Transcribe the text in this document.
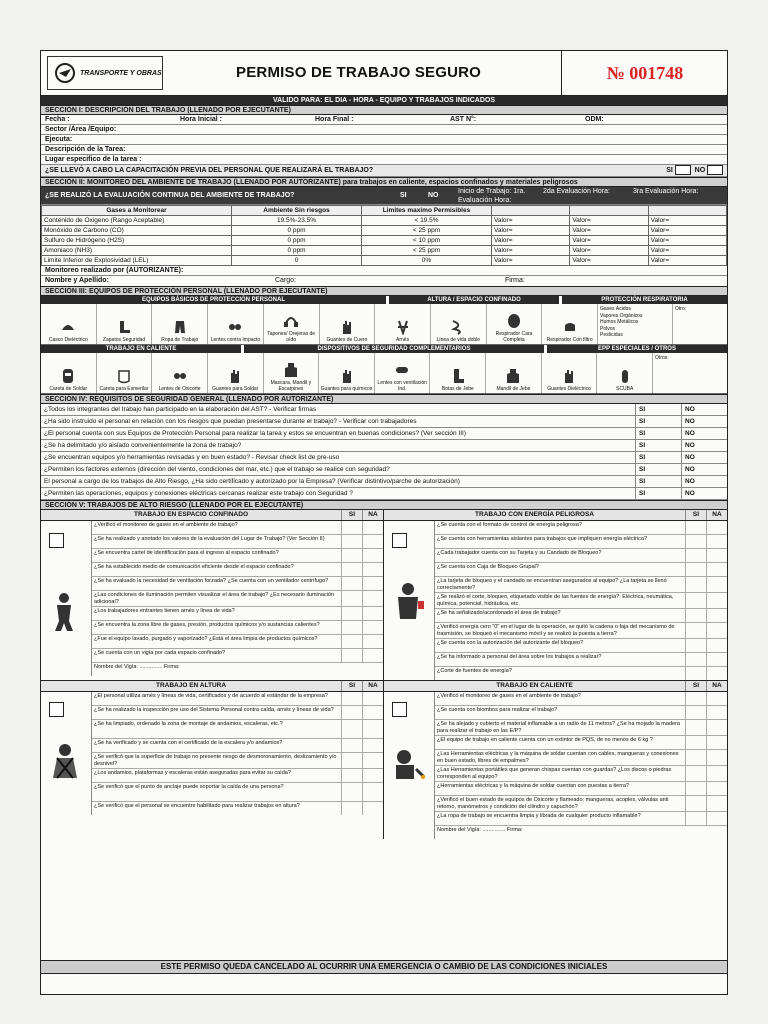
TRANSPORTE Y OBRAS	PERMISO DE TRABAJO SEGURO	№ 001748
VALIDO PARA: EL DIA - HORA - EQUIPO Y TRABAJOS INDICADOS
SECCIÓN I: DESCRIPCIÓN DEL TRABAJO (LLENADO POR EJECUTANTE)
Fecha :	Hora Inicial :	Hora Final :	AST N°:	ODM:
Sector /Área /Equipo:
Ejecuta:
Descripción de la Tarea:
Lugar especifico de la tarea :
¿SE LLEVÓ A CABO LA CAPACITACIÓN PREVIA DEL PERSONAL QUE REALIZARÁ EL TRABAJO?	SI

	NO

SECCIÓN II: MONITOREO DEL AMBIENTE DE TRABAJO (LLENADO POR AUTORIZANTE) para trabajos en caliente, espacios confinados y materiales peligrosos
¿SE REALIZÓ LA EVALUACIÓN CONTINUA DEL AMBIENTE DE TRABAJO?	SI	NO
Inicio de Trabajo: 1ra. Evaluación Hora:
2da Evaluación Hora:	3ra Evaluación Hora:
Gases a Monitorear	Ambiente Sin riesgos	Limites maximo Permisibles			
Contenido de Oxigeno (Rango Aceptable)	19.5%-23.5%	< 19.5%	Valor=	Valor=	Valor=
Monóxido de Carbono (CO)	0 ppm	< 25 ppm	Valor=	Valor=	Valor=
Sulfuro de Hidrógeno (H2S)	0 ppm	< 10 ppm	Valor=	Valor=	Valor=
Amoniaco (NH3)	0 ppm	< 25 ppm	Valor=	Valor=	Valor=
Limite Inferior de Explosividad (LEL)	0	0%	Valor=	Valor=	Valor=
Monitoreo realizado por (AUTORIZANTE):
Nombre y Apellido:	Cargo:	Firma:
SECCIÓN III: EQUIPOS DE PROTECCIÓN PERSONAL (LLENADO POR EJECUTANTE)
EQUIPOS BÁSICOS DE PROTECCIÓN PERSONAL	ALTURA / ESPACIO CONFINADO	PROTECCIÓN RESPIRATORIA
Casco Dieléctrico	Zapatos Seguridad	Ropa de Trabajo Lentes contra Impacto
Tapones/ Orejeras de oído	Guantes de Cuero	Arnés	Línea de vida doble
Respirador Cara Completa	Respirador Con filtro
Gases Ácidos
Vapores Orgánicos
Humos Metálicos
Polvos
Pesticidas
Otro:
TRABAJO EN CALIENTE	DISPOSITIVOS DE SEGURIDAD COMPLEMENTARIOS	EPP ESPECIALES / OTROS
Careta de Soldar Careta para Esmerilar Lentes de Oxicorte Guantes para Soldar
Mascara, Mandil y Escarpines	Guantes para químicos
Lentes con ventilación Ind.	Botas de Jebe	Mandil de Jebe	Guantes Dieléctrico	SCUBA
Otros:
SECCIÓN IV: REQUISITOS DE SEGURIDAD GENERAL (LLENADO POR AUTORIZANTE)
¿Todos los integrantes del trabajo han participado en la elaboración del AST? - Verificar firmas	SI	NO
¿Ha sido instruido el personal en relación con los riesgos que puedan presentarse durante el trabajo? - Verificar con trabajadores	SI	NO
¿El personal cuenta con sus Equipos de Protección Personal para realizar la tarea y estos se encuentran en buenas condiciones? (Ver sección III)	SI	NO
¿Se ha delimitado y/o aislado convenientemente la zona de trabajo?	SI	NO
¿Se encuentran equipos y/o herramientas revisadas y en buen estado? - Revisar check list de pre-uso	SI	NO
¿Permiten los factores externos (dirección del viento, condiciones del mar, etc.) que el trabajo se realice con seguridad?	SI	NO
El personal a cargo de los trabajos de Alto Riesgo, ¿Ha sido certificado y autorizado por la Empresa? (Verificar distintivo/parche de autorización)	SI	NO
¿Permiten las operaciones, equipos y conexiones eléctricas cercanas realizar este trabajo con Seguridad ?	SI	NO
SECCIÓN V: TRABAJOS DE ALTO RIESGO (LLENADO POR EL EJECUTANTE)
TRABAJO EN ESPACIO CONFINADO	SI	NA
¿Verificó el monitoreo de gases en el ambiente de trabajo?
¿Se ha realizado y anotado los valores de la evaluación del Lugar de Trabajo? (Ver Sección II)
¿Se encuentra cartel de identificación para el ingreso al espacio confinado?
¿Se ha establecido medio de comunicación eficiente desde el espacio confinado?
¿Se ha evaluado la necesidad de ventilación forzada? ¿Se cuenta con un ventilador centrífugo?
¿Las condiciones de iluminación permiten visualizar el área de trabajo? ¿Es necesario iluminación adicional?
¿Los trabajadores entrantes tienen arnés y línea de vida?
¿Se encuentra la zona libre de gases, presión, productos químicos y/o sustancias calientes?
¿Fue el equipo lavado, purgado y vaporizado? ¿Está el área limpia de productos químicos?
¿Se cuenta con un vigía por cada espacio confinado?
Nombre del Vigía: ............... Firma:
TRABAJO CON ENERGÍA PELIGROSA	SI	NA
¿Se cuenta con el formato de control de energía peligrosa?
¿Se cuenta con herramientas aislantes para trabajos que impliquen energía eléctrica?
¿Cada trabajador cuenta con su Tarjeta y su Candado de Bloqueo?
¿Se cuenta con Caja de Bloqueo Grupal?
¿La tarjeta de bloqueo y el candado se encuentran asegurados al equipo? ¿La tarjeta se llenó correctamente?
¿Se realizó el corte, bloqueo, etiquetado visible de las fuentes de energía?: Eléctrica, neumática, química, potencial, hidráulica, etc.
¿Se ha señalizado/acordonado el área de trabajo?
¿Verificó energía cero "0" en el lugar de la operación, se quitó la cadena o faja del mecanismo de trasmisión, se bloqueó el mecanismo móvil y se realizó la puesta a tierra?
¿Se cuenta con la autorización del autorizante del bloqueo?
¿Se ha informado a personal del área sobre los trabajos a realizar?
¿Corte de fuentes de energía?
TRABAJO EN ALTURA	SI	NA
¿El personal utiliza arnés y líneas de vida, certificados y de acuerdo al estándar de la empresa?
¿Se ha realizado la inspección pre uso del Sistema Personal contra caída, arnés y líneas de vida?
¿Se ha limpiado, ordenado la zona de montaje de andamios, escaleras, etc.?
¿Se ha verificado y se cuenta con el certificado de la escalera y/o andamios?
¿Se verificó que la superficie de trabajo no presente riesgo de desmoronamiento, deslizamiento y/o desnivel?
¿Los andamios, plataformas y escaleras están aseguradas para evitar su caída?
¿Se verificó que el punto de anclaje puede soportar la caída de una persona?
¿Se verificó que el personal se encuentre habilitado para realizar trabajos en altura?
TRABAJO EN CALIENTE	SI	NA
¿Verificó el monitoreo de gases en el ambiente de trabajo?
¿Se cuenta con biombos para realizar el trabajo?
¿Se ha alejado y cubierto el material inflamable a un radio de 11 metros? ¿Se ha mojado la madera para realizar el trabajo en las E/P?
¿El equipo de trabajo en caliente cuenta con un extintor de PQS, de no menos de 6 kg ?
¿Las Herramientas eléctricas y la máquina de soldar cuentan con cables, mangueras y conexiones en buen estado, libres de empalmes?
¿Las Herramientas portátiles que generan chispas cuentan con guardas? ¿Los discos o piedras corresponden al equipo?
¿Herramientas eléctricas y la máquina de soldar cuentan con puestas a tierra?
¿Verificó el buen estado de equipos de Oxicorte y flameado: mangueras, acoples, válvulas anti retorno, manómetros y condición del cilindro y capuchón?
¿La ropa de trabajo se encuentra limpia y librada de cualquier producto inflamable?
Nombre del Vigía: ............... Firma:
ESTE PERMISO QUEDA CANCELADO AL OCURRIR UNA EMERGENCIA O CAMBIO DE LAS CONDICIONES INICIALES
